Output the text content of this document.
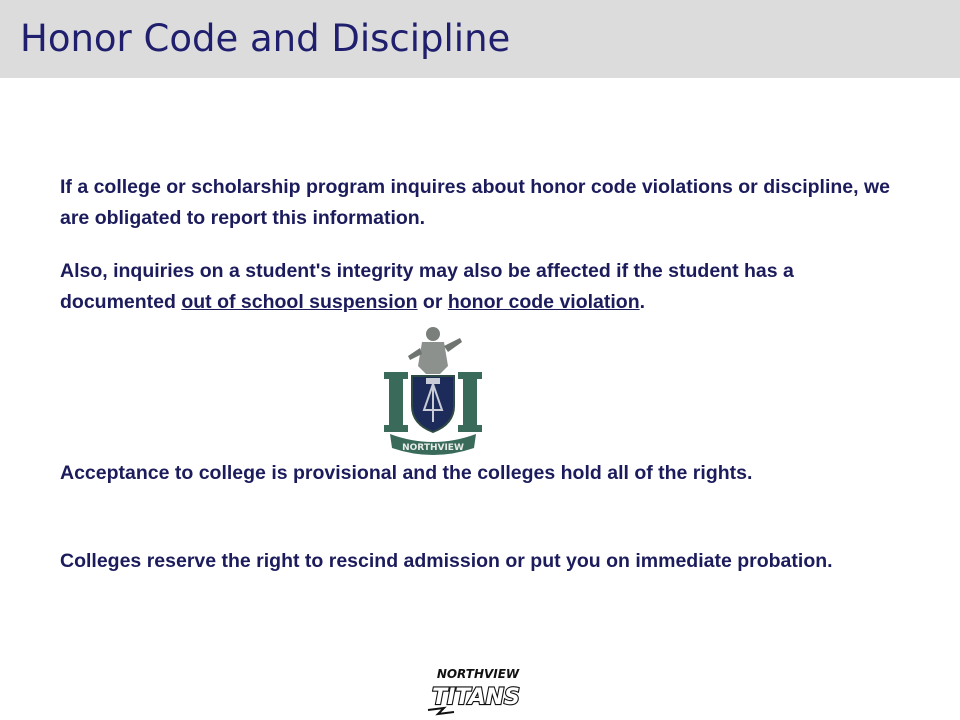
Honor Code and Discipline

If a college or scholarship program inquires about honor code violations or discipline, we are obligated to report this information.

Also, inquiries on a student's integrity may also be affected if the student has a documented out of school suspension or honor code violation.

NORTHVIEW

Acceptance to college is provisional and the colleges hold all of the rights.

Colleges reserve the right to rescind admission or put you on immediate probation.

NORTHVIEW
TITANS
